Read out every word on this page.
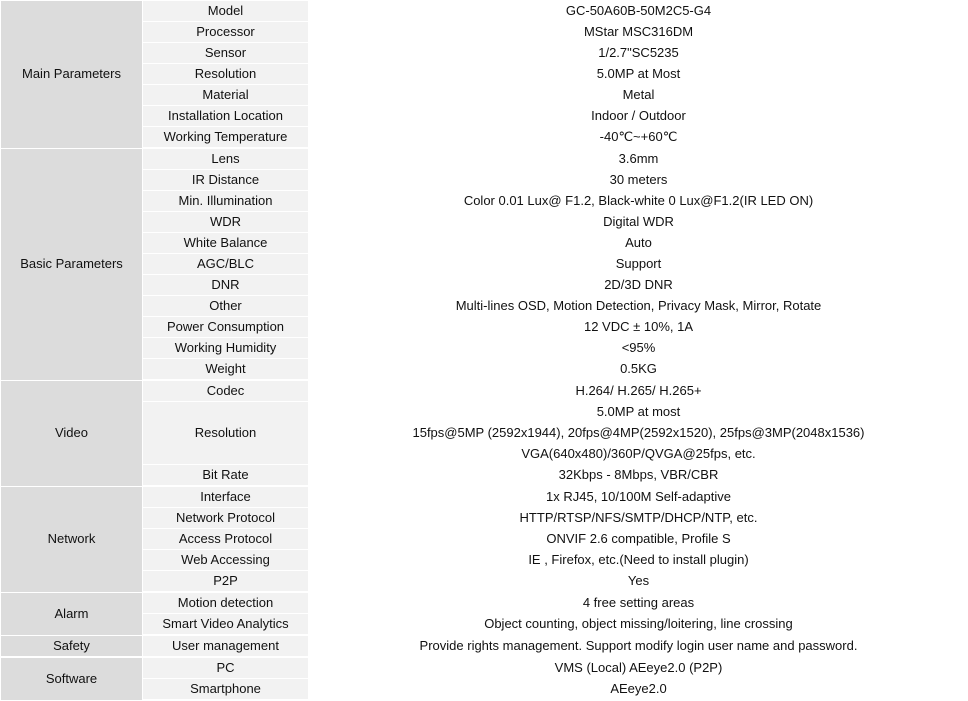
Main Parameters	Model	GC-50A60B-50M2C5-G4
	Processor	MStar MSC316DM
	Sensor	1/2.7"SC5235
	Resolution	5.0MP at Most
	Material	Metal
	Installation Location	Indoor / Outdoor
	Working Temperature	-40℃~+60℃
Basic Parameters	Lens	3.6mm
	IR Distance	30 meters
	Min. Illumination	Color 0.01 Lux@ F1.2, Black-white 0 Lux@F1.2(IR LED ON)
	WDR	Digital WDR
	White Balance	Auto
	AGC/BLC	Support
	DNR	2D/3D DNR
	Other	Multi-lines OSD, Motion Detection, Privacy Mask, Mirror, Rotate
	Power Consumption	12 VDC ± 10%, 1A
	Working Humidity	<95%
	Weight	0.5KG
Video	Codec	H.264/ H.265/ H.265+
	Resolution	5.0MP at most
		15fps@5MP (2592x1944), 20fps@4MP(2592x1520), 25fps@3MP(2048x1536)
		VGA(640x480)/360P/QVGA@25fps, etc.
	Bit Rate	32Kbps - 8Mbps, VBR/CBR
Network	Interface	1x RJ45, 10/100M Self-adaptive
	Network Protocol	HTTP/RTSP/NFS/SMTP/DHCP/NTP, etc.
	Access Protocol	ONVIF 2.6 compatible, Profile S
	Web Accessing	IE , Firefox, etc.(Need to install plugin)
	P2P	Yes
Alarm	Motion detection	4 free setting areas
	Smart Video Analytics	Object counting, object missing/loitering, line crossing
Safety	User management	Provide rights management. Support modify login user name and password.
Software	PC	VMS (Local) AEeye2.0 (P2P)
	Smartphone	AEeye2.0
